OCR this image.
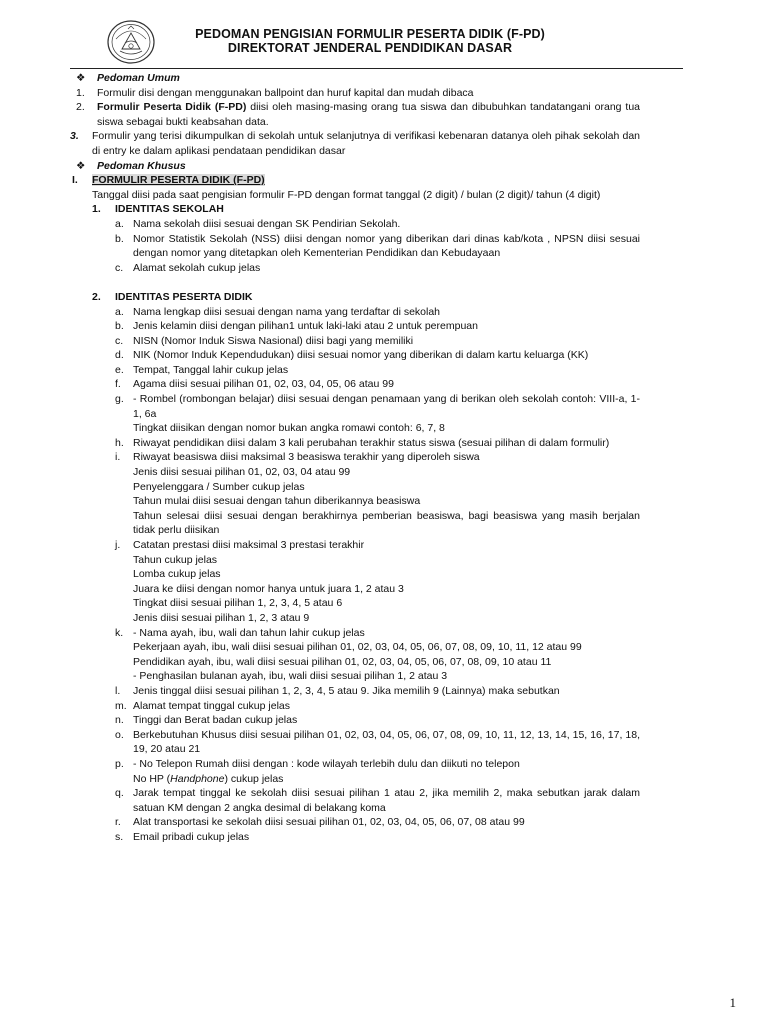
PEDOMAN PENGISIAN FORMULIR PESERTA DIDIK (F-PD)
DIREKTORAT JENDERAL PENDIDIKAN DASAR
❖ Pedoman Umum
1. Formulir disi dengan menggunakan ballpoint dan huruf kapital dan mudah dibaca
2. Formulir Peserta Didik (F-PD) diisi oleh masing-masing orang tua siswa dan dibubuhkan tandatangani orang tua siswa sebagai bukti keabsahan data.
3. Formulir yang terisi dikumpulkan di sekolah untuk selanjutnya di verifikasi kebenaran datanya oleh pihak sekolah dan di entry ke dalam aplikasi pendataan pendidikan dasar
❖ Pedoman Khusus
I. FORMULIR PESERTA DIDIK (F-PD)
Tanggal diisi pada saat pengisian formulir F-PD dengan format tanggal (2 digit) / bulan (2 digit)/ tahun (4 digit)
1. IDENTITAS SEKOLAH
a. Nama sekolah diisi sesuai dengan SK Pendirian Sekolah.
b. Nomor Statistik Sekolah (NSS) diisi dengan nomor yang diberikan dari dinas kab/kota , NPSN diisi sesuai dengan nomor yang ditetapkan oleh Kementerian Pendidikan dan Kebudayaan
c. Alamat sekolah cukup jelas
2. IDENTITAS PESERTA DIDIK
a. Nama lengkap diisi sesuai dengan nama yang terdaftar di sekolah
b. Jenis kelamin diisi dengan pilihan1 untuk laki-laki atau 2 untuk perempuan
c. NISN (Nomor Induk Siswa Nasional) diisi bagi yang memiliki
d. NIK (Nomor Induk Kependudukan) diisi sesuai nomor yang diberikan di dalam kartu keluarga (KK)
e. Tempat, Tanggal lahir cukup jelas
f. Agama diisi sesuai pilihan 01, 02, 03, 04, 05, 06 atau 99
g. - Rombel (rombongan belajar) diisi sesuai dengan penamaan yang di berikan oleh sekolah contoh: VIII-a, 1-1, 6a
Tingkat diisikan dengan nomor bukan angka romawi contoh: 6, 7, 8
h. Riwayat pendidikan diisi dalam 3 kali perubahan terakhir status siswa (sesuai pilihan di dalam formulir)
i. Riwayat beasiswa diisi maksimal 3 beasiswa terakhir yang diperoleh siswa
Jenis diisi sesuai pilihan 01, 02, 03, 04 atau 99
Penyelenggara / Sumber cukup jelas
Tahun mulai diisi sesuai dengan tahun diberikannya beasiswa
Tahun selesai diisi sesuai dengan berakhirnya pemberian beasiswa, bagi beasiswa yang masih berjalan tidak perlu diisikan
j. Catatan prestasi diisi maksimal 3 prestasi terakhir
Tahun cukup jelas
Lomba cukup jelas
Juara ke diisi dengan nomor hanya untuk juara 1, 2 atau 3
Tingkat diisi sesuai pilihan 1, 2, 3, 4, 5 atau 6
Jenis diisi sesuai pilihan 1, 2, 3 atau 9
k. - Nama ayah, ibu, wali dan tahun lahir cukup jelas
Pekerjaan ayah, ibu, wali diisi sesuai pilihan 01, 02, 03, 04, 05, 06, 07, 08, 09, 10, 11, 12 atau 99
Pendidikan ayah, ibu, wali diisi sesuai pilihan 01, 02, 03, 04, 05, 06, 07, 08, 09, 10 atau 11
- Penghasilan bulanan ayah, ibu, wali diisi sesuai pilihan 1, 2 atau 3
l. Jenis tinggal diisi sesuai pilihan 1, 2, 3, 4, 5 atau 9. Jika memilih 9 (Lainnya) maka sebutkan
m. Alamat tempat tinggal cukup jelas
n. Tinggi dan Berat badan cukup jelas
o. Berkebutuhan Khusus diisi sesuai pilihan 01, 02, 03, 04, 05, 06, 07, 08, 09, 10, 11, 12, 13, 14, 15, 16, 17, 18, 19, 20 atau 21
p. - No Telepon Rumah diisi dengan : kode wilayah terlebih dulu dan diikuti no telepon
No HP (Handphone) cukup jelas
q. Jarak tempat tinggal ke sekolah diisi sesuai pilihan 1 atau 2, jika memilih 2, maka sebutkan jarak dalam satuan KM dengan 2 angka desimal di belakang koma
r. Alat transportasi ke sekolah diisi sesuai pilihan 01, 02, 03, 04, 05, 06, 07, 08 atau 99
s. Email pribadi cukup jelas
1
